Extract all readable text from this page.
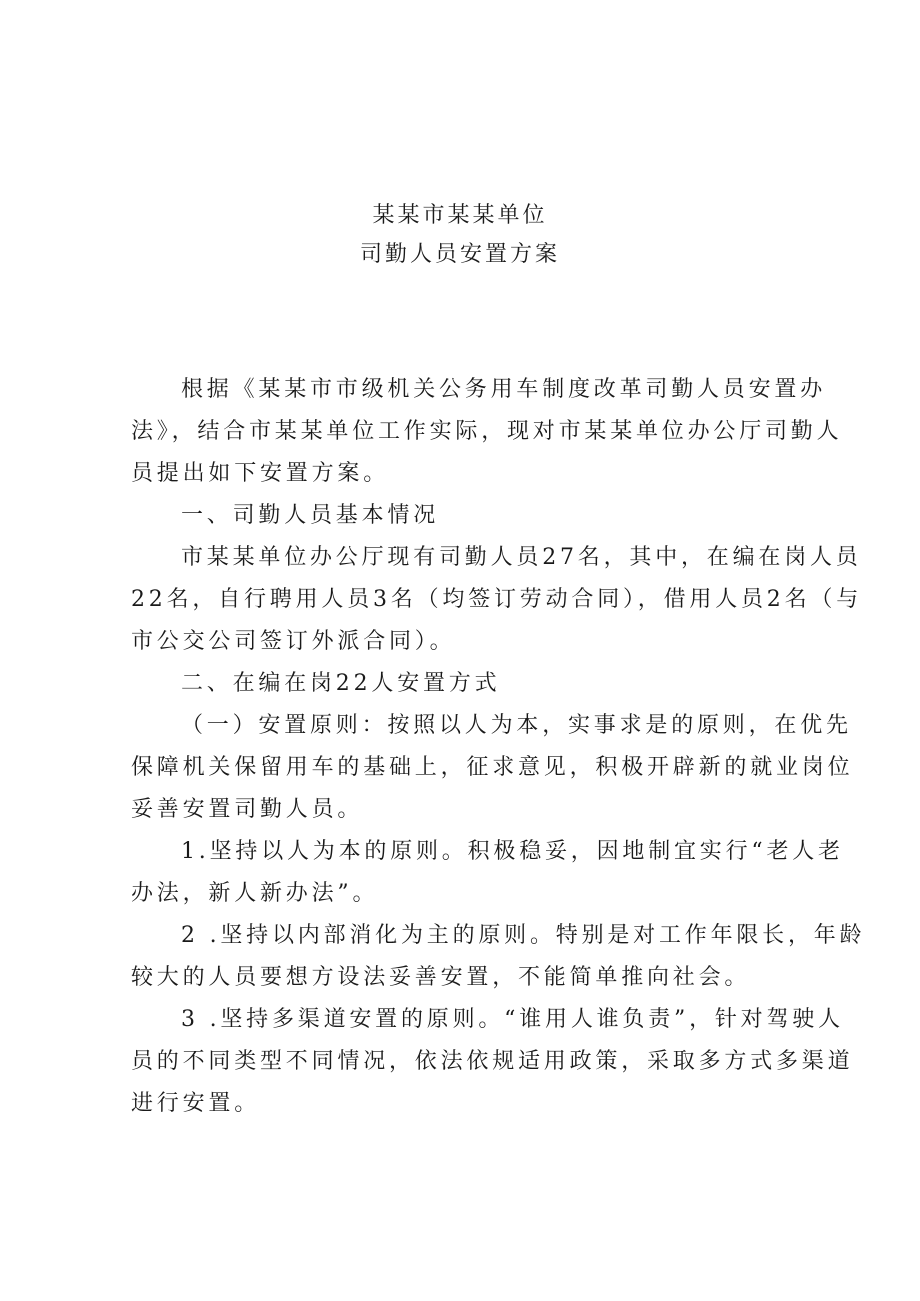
某某市某某单位
司勤人员安置方案
根据《某某市市级机关公务用车制度改革司勤人员安置办
法》，结合市某某单位工作实际，现对市某某单位办公厅司勤人
员提出如下安置方案。
一、司勤人员基本情况
市某某单位办公厅现有司勤人员27名，其中，在编在岗人员
22名，自行聘用人员3名（均签订劳动合同），借用人员2名（与
市公交公司签订外派合同）。
二、在编在岗22人安置方式
（一）安置原则：按照以人为本，实事求是的原则，在优先
保障机关保留用车的基础上，征求意见，积极开辟新的就业岗位
妥善安置司勤人员。
1.坚持以人为本的原则。积极稳妥，因地制宜实行“老人老
办法，新人新办法”。
2 .坚持以内部消化为主的原则。特别是对工作年限长，年龄
较大的人员要想方设法妥善安置，不能简单推向社会。
3 .坚持多渠道安置的原则。“谁用人谁负责”，针对驾驶人
员的不同类型不同情况，依法依规适用政策，采取多方式多渠道
进行安置。
